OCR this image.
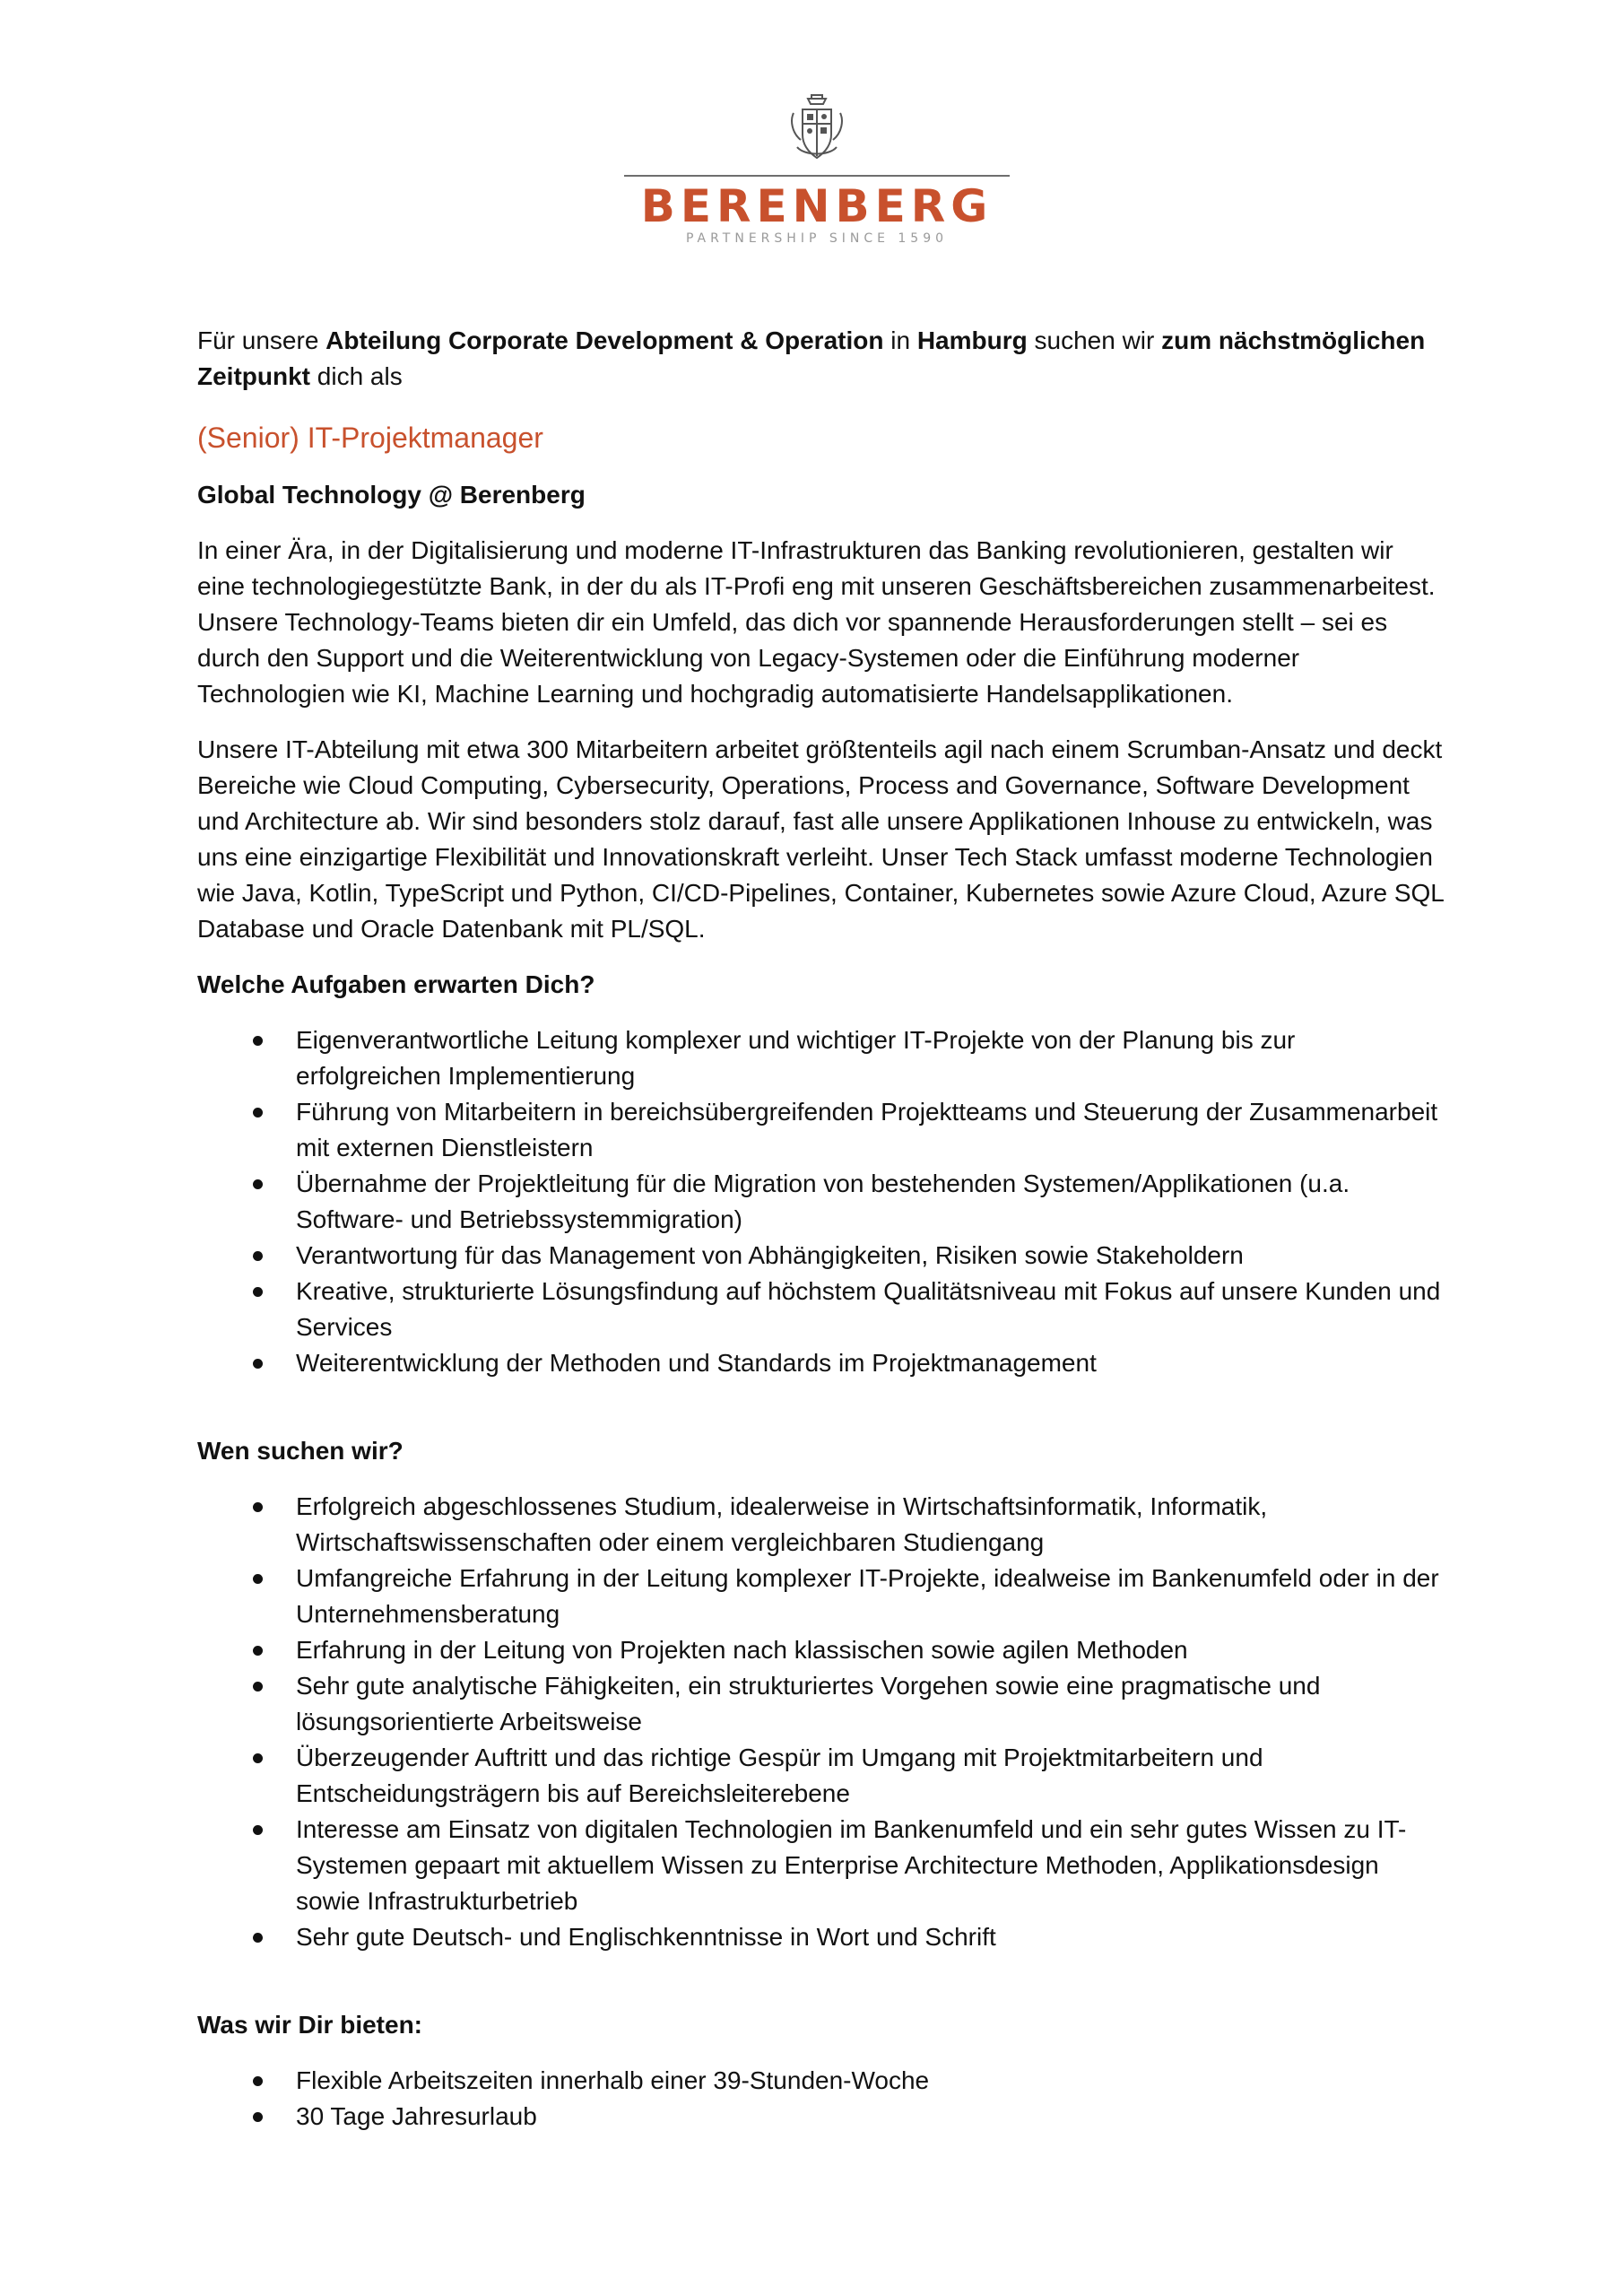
BERENBERG
PARTNERSHIP SINCE 1590

Für unsere Abteilung Corporate Development & Operation in Hamburg suchen wir zum nächstmöglichen Zeitpunkt dich als

(Senior) IT-Projektmanager

Global Technology @ Berenberg

In einer Ära, in der Digitalisierung und moderne IT-Infrastrukturen das Banking revolutionieren, gestalten wir eine technologiegestützte Bank, in der du als IT-Profi eng mit unseren Geschäftsbereichen zusammenarbeitest. Unsere Technology-Teams bieten dir ein Umfeld, das dich vor spannende Herausforderungen stellt – sei es durch den Support und die Weiterentwicklung von Legacy-Systemen oder die Einführung moderner Technologien wie KI, Machine Learning und hochgradig automatisierte Handelsapplikationen.

Unsere IT-Abteilung mit etwa 300 Mitarbeitern arbeitet größtenteils agil nach einem Scrumban-Ansatz und deckt Bereiche wie Cloud Computing, Cybersecurity, Operations, Process and Governance, Software Development und Architecture ab. Wir sind besonders stolz darauf, fast alle unsere Applikationen Inhouse zu entwickeln, was uns eine einzigartige Flexibilität und Innovationskraft verleiht. Unser Tech Stack umfasst moderne Technologien wie Java, Kotlin, TypeScript und Python, CI/CD-Pipelines, Container, Kubernetes sowie Azure Cloud, Azure SQL Database und Oracle Datenbank mit PL/SQL.

Welche Aufgaben erwarten Dich?

Eigenverantwortliche Leitung komplexer und wichtiger IT-Projekte von der Planung bis zur erfolgreichen Implementierung
Führung von Mitarbeitern in bereichsübergreifenden Projektteams und Steuerung der Zusammenarbeit mit externen Dienstleistern
Übernahme der Projektleitung für die Migration von bestehenden Systemen/Applikationen (u.a. Software- und Betriebssystemmigration)
Verantwortung für das Management von Abhängigkeiten, Risiken sowie Stakeholdern
Kreative, strukturierte Lösungsfindung auf höchstem Qualitätsniveau mit Fokus auf unsere Kunden und Services
Weiterentwicklung der Methoden und Standards im Projektmanagement

Wen suchen wir?

Erfolgreich abgeschlossenes Studium, idealerweise in Wirtschaftsinformatik, Informatik, Wirtschaftswissenschaften oder einem vergleichbaren Studiengang
Umfangreiche Erfahrung in der Leitung komplexer IT-Projekte, idealweise im Bankenumfeld oder in der Unternehmensberatung
Erfahrung in der Leitung von Projekten nach klassischen sowie agilen Methoden
Sehr gute analytische Fähigkeiten, ein strukturiertes Vorgehen sowie eine pragmatische und lösungsorientierte Arbeitsweise
Überzeugender Auftritt und das richtige Gespür im Umgang mit Projektmitarbeitern und Entscheidungsträgern bis auf Bereichsleiterebene
Interesse am Einsatz von digitalen Technologien im Bankenumfeld und ein sehr gutes Wissen zu IT-Systemen gepaart mit aktuellem Wissen zu Enterprise Architecture Methoden, Applikationsdesign sowie Infrastrukturbetrieb
Sehr gute Deutsch- und Englischkenntnisse in Wort und Schrift

Was wir Dir bieten:

Flexible Arbeitszeiten innerhalb einer 39-Stunden-Woche
30 Tage Jahresurlaub
